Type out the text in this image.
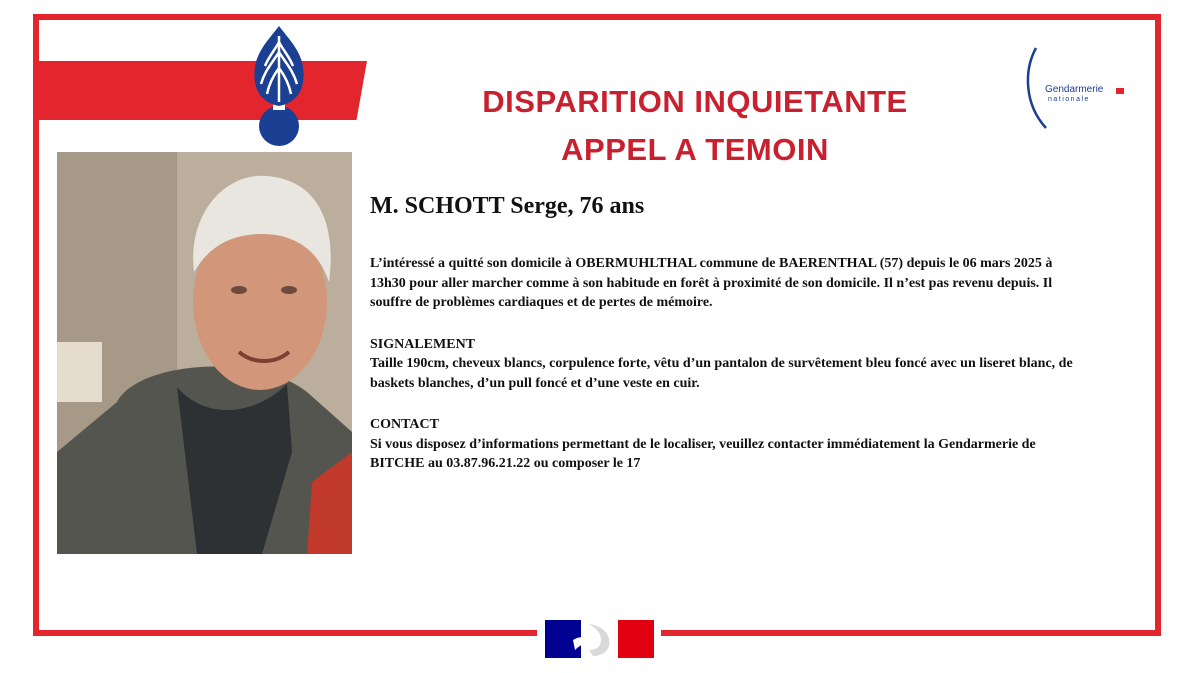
DISPARITION INQUIETANTE
APPEL A TEMOIN
Gendarmerie
nationale
M. SCHOTT Serge, 76 ans
L’intéressé a quitté son domicile à OBERMUHLTHAL commune de BAERENTHAL (57) depuis le 06 mars 2025 à 13h30 pour aller marcher comme à son habitude en forêt à proximité de son domicile. Il n’est pas revenu depuis. Il souffre de problèmes cardiaques et de pertes de mémoire.
SIGNALEMENT
Taille 190cm, cheveux blancs, corpulence forte, vêtu d’un pantalon de survêtement bleu foncé avec un liseret blanc, de baskets blanches, d’un pull foncé et d’une veste en cuir.
CONTACT
Si vous disposez d’informations permettant de le localiser, veuillez contacter immédiatement la Gendarmerie de BITCHE au 03.87.96.21.22 ou composer le 17
